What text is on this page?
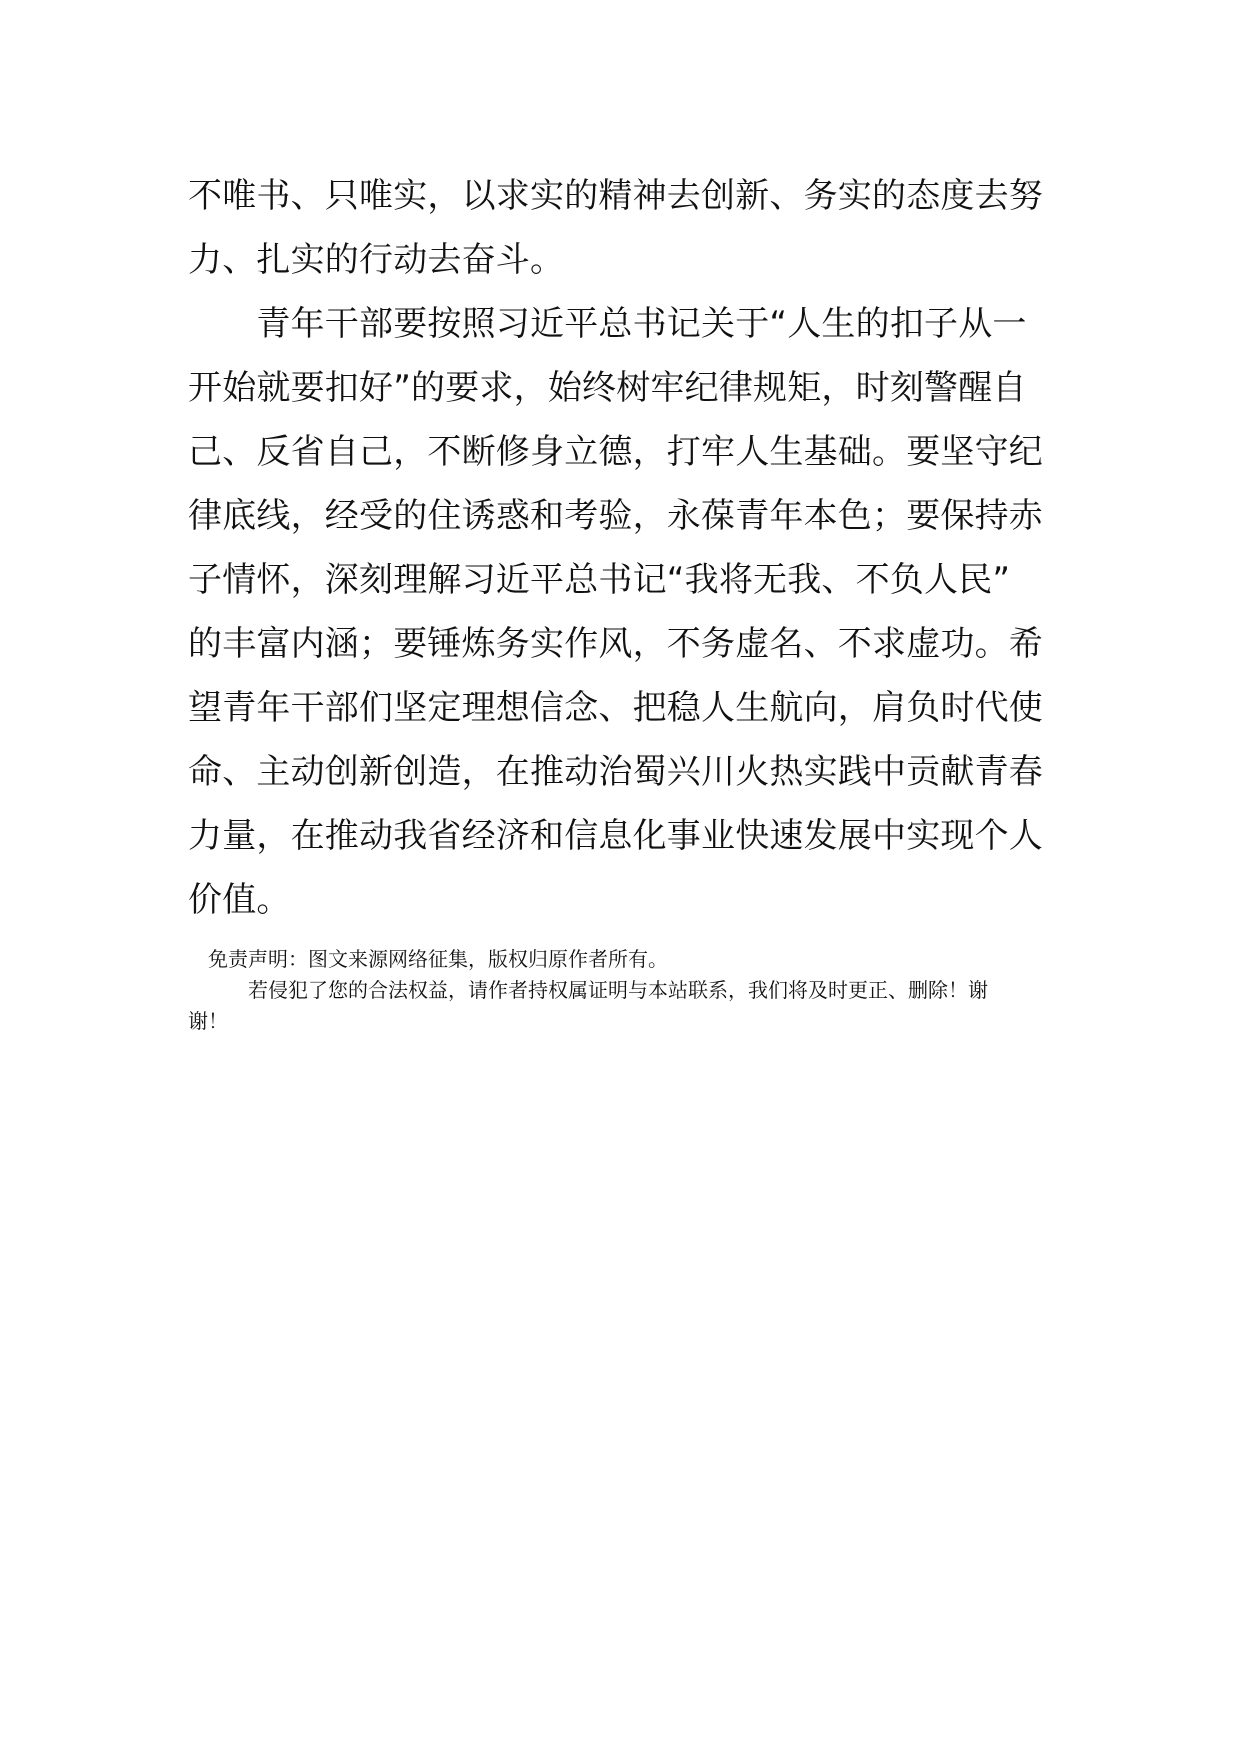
不唯书、只唯实，以求实的精神去创新、务实的态度去努
力、扎实的行动去奋斗。
　　青年干部要按照习近平总书记关于“人生的扣子从一
开始就要扣好”的要求，始终树牢纪律规矩，时刻警醒自
己、反省自己，不断修身立德，打牢人生基础。要坚守纪
律底线，经受的住诱惑和考验，永葆青年本色；要保持赤
子情怀，深刻理解习近平总书记“我将无我、不负人民”
的丰富内涵；要锤炼务实作风，不务虚名、不求虚功。希
望青年干部们坚定理想信念、把稳人生航向，肩负时代使
命、主动创新创造，在推动治蜀兴川火热实践中贡献青春
力量，在推动我省经济和信息化事业快速发展中实现个人
价值。
　免责声明：图文来源网络征集，版权归原作者所有。
　　　若侵犯了您的合法权益，请作者持权属证明与本站联系，我们将及时更正、删除！谢
谢！
